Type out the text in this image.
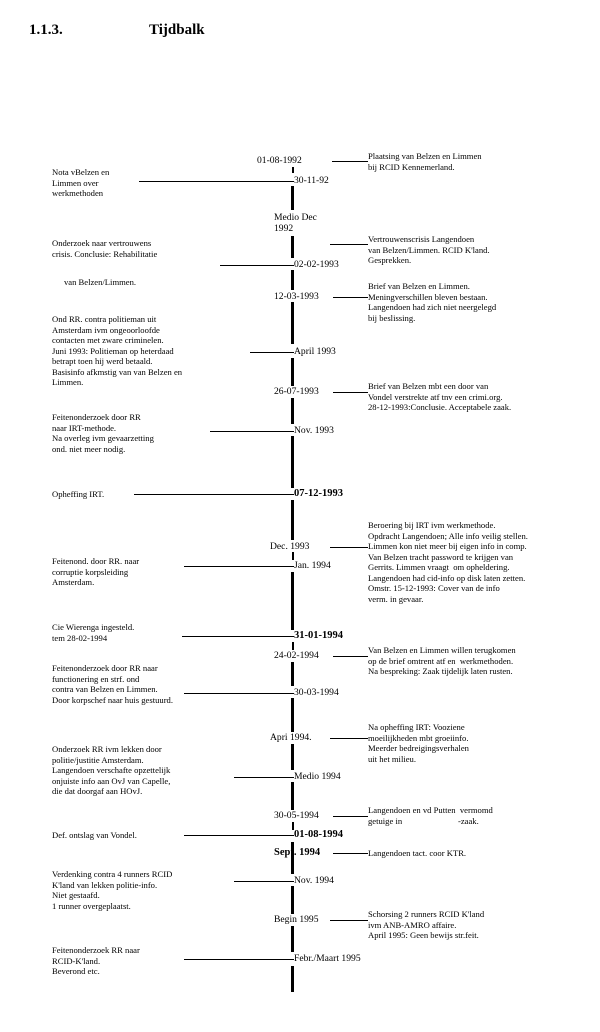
1.1.3.	Tijdbalk
01-08-1992
30-11-92
Medio Dec
1992
02-02-1993
12-03-1993
April 1993
26-07-1993
Nov. 1993
07-12-1993
Dec. 1993
Jan. 1994
31-01-1994
24-02-1994
30-03-1994
Apri 1994.
Medio 1994
30-05-1994
01-08-1994
Sept. 1994
Nov. 1994
Begin 1995
Febr./Maart 1995
Nota vBelzen en
Limmen over
werkmethoden
Onderzoek naar vertrouwens
crisis. Conclusie: Rehabilitatie
van Belzen/Limmen.
Ond RR. contra politieman uit
Amsterdam ivm ongeoorloofde
contacten met zware criminelen.
Juni 1993: Politieman op heterdaad
betrapt toen hij werd betaald.
Basisinfo afkmstig van van Belzen en
Limmen.
Feitenonderzoek door RR
naar IRT-methode.
Na overleg ivm gevaarzetting
ond. niet meer nodig.
Opheffing IRT.
Feitenond. door RR. naar
corruptie korpsleiding
Amsterdam.
Cie Wierenga ingesteld.
tem 28-02-1994
Feitenonderzoek door RR naar
functionering en strf. ond
contra van Belzen en Limmen.
Door korpschef naar huis gestuurd.
Onderzoek RR ivm lekken door
politie/justitie Amsterdam.
Langendoen verschafte opzettelijk
onjuiste info aan OvJ van Capelle,
die dat doorgaf aan HOvJ.
Def. ontslag van Vondel.
Verdenking contra 4 runners RCID
K'land van lekken politie-info.
Niet gestaafd.
1 runner overgeplaatst.
Feitenonderzoek RR naar
RCID-K'land.
Beverond etc.
Plaatsing van Belzen en Limmen
bij RCID Kennemerland.
Vertrouwenscrisis Langendoen
van Belzen/Limmen. RCID K'land.
Gesprekken.
Brief van Belzen en Limmen.
Meningverschillen bleven bestaan.
Langendoen had zich niet neergelegd
bij beslissing.
Brief van Belzen mbt een door van
Vondel verstrekte atf tnv een crimi.org.
28-12-1993:Conclusie. Acceptabele zaak.
Beroering bij IRT ivm werkmethode.
Opdracht Langendoen; Alle info veilig stellen.
Limmen kon niet meer bij eigen info in comp.
Van Belzen tracht password te krijgen van
Gerrits. Limmen vraagt  om opheldering.
Langendoen had cid-info op disk laten zetten.
Omstr. 15-12-1993: Cover van de info
verm. in gevaar.
Van Belzen en Limmen willen terugkomen
op de brief omtrent atf en  werkmethoden.
Na bespreking: Zaak tijdelijk laten rusten.
Na opheffing IRT: Vooziene
moeilijkheden mbt groeiinfo.
Meerder bedreigingsverhalen
uit het milieu.
Langendoen en vd Putten  vermomd
getuige in                          -zaak.
Langendoen tact. coor KTR.
Schorsing 2 runners RCID K'land
ivm ANB-AMRO affaire.
April 1995: Geen bewijs str.feit.
